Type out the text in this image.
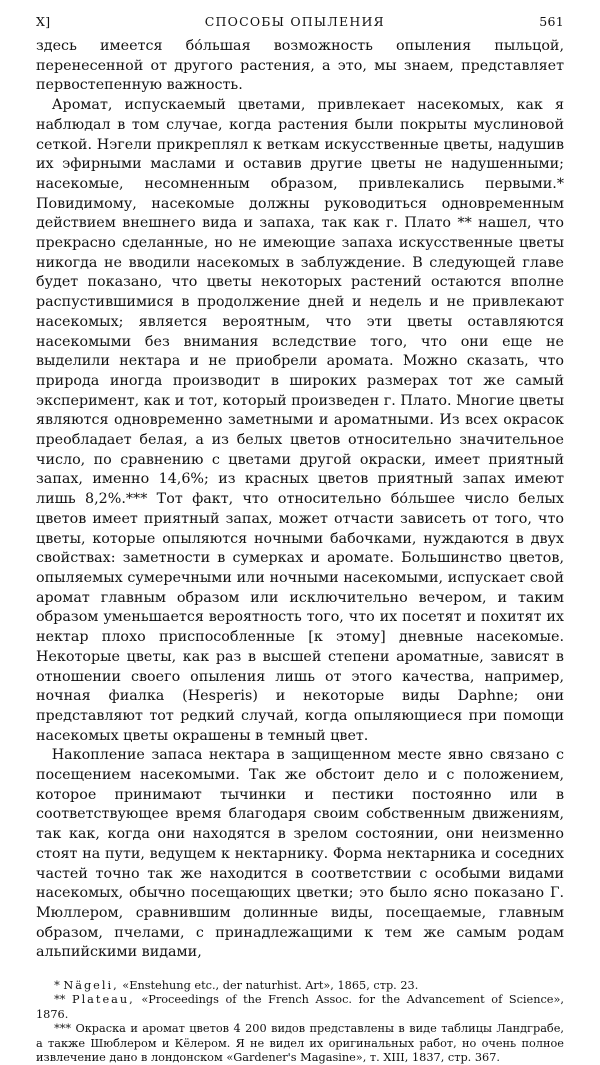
X]	СПОСОБЫ ОПЫЛЕНИЯ	561

здесь имеется бо́льшая возможность опыления пыльцой, перенесенной от другого растения, а это, мы знаем, представляет первостепенную важность.

Аромат, испускаемый цветами, привлекает насекомых, как я наблюдал в том случае, когда растения были покрыты муслиновой сеткой. Нэгели прикреплял к веткам искусственные цветы, надушив их эфирными маслами и оставив другие цветы не надушенными; насекомые, несомненным образом, привлекались первыми.* Повидимому, насекомые должны руководиться одновременным действием внешнего вида и запаха, так как г. Плато ** нашел, что прекрасно сделанные, но не имеющие запаха искусственные цветы никогда не вводили насекомых в заблуждение. В следующей главе будет показано, что цветы некоторых растений остаются вполне распустившимися в продолжение дней и недель и не привлекают насекомых; является вероятным, что эти цветы оставляются насекомыми без внимания вследствие того, что они еще не выделили нектара и не приобрели аромата. Можно сказать, что природа иногда производит в широких размерах тот же самый эксперимент, как и тот, который произведен г. Плато. Многие цветы являются одновременно заметными и ароматными. Из всех окрасок преобладает белая, а из белых цветов относительно значительное число, по сравнению с цветами другой окраски, имеет приятный запах, именно 14,6%; из красных цветов приятный запах имеют лишь 8,2%.*** Тот факт, что относительно бо́льшее число белых цветов имеет приятный запах, может отчасти зависеть от того, что цветы, которые опыляются ночными бабочками, нуждаются в двух свойствах: заметности в сумерках и аромате. Большинство цветов, опыляемых сумеречными или ночными насекомыми, испускает свой аромат главным образом или исключительно вечером, и таким образом уменьшается вероятность того, что их посетят и похитят их нектар плохо приспособленные [к этому] дневные насекомые. Некоторые цветы, как раз в высшей степени ароматные, зависят в отношении своего опыления лишь от этого качества, например, ночная фиалка (Hesperis) и некоторые виды Daphne; они представляют тот редкий случай, когда опыляющиеся при помощи насекомых цветы окрашены в темный цвет.

Накопление запаса нектара в защищенном месте явно связано с посещением насекомыми. Так же обстоит дело и с положением, которое принимают тычинки и пестики постоянно или в соответствующее время благодаря своим собственным движениям, так как, когда они находятся в зрелом состоянии, они неизменно стоят на пути, ведущем к нектарнику. Форма нектарника и соседних частей точно так же находится в соответствии с особыми видами насекомых, обычно посещающих цветки; это было ясно показано Г. Мюллером, сравнившим долинные виды, посещаемые, главным образом, пчелами, с принадлежащими к тем же самым родам альпийскими видами,

* Nägeli, «Enstehung etc., der naturhist. Art», 1865, стр. 23.

** Plateau, «Proceedings of the French Assoc. for the Advancement of Science», 1876.

*** Окраска и аромат цветов 4 200 видов представлены в виде таблицы Ландграбе, а также Шюблером и Кёлером. Я не видел их оригинальных работ, но очень полное извлечение дано в лондонском «Gardener's Magasine», т. XIII, 1837, стр. 367.
